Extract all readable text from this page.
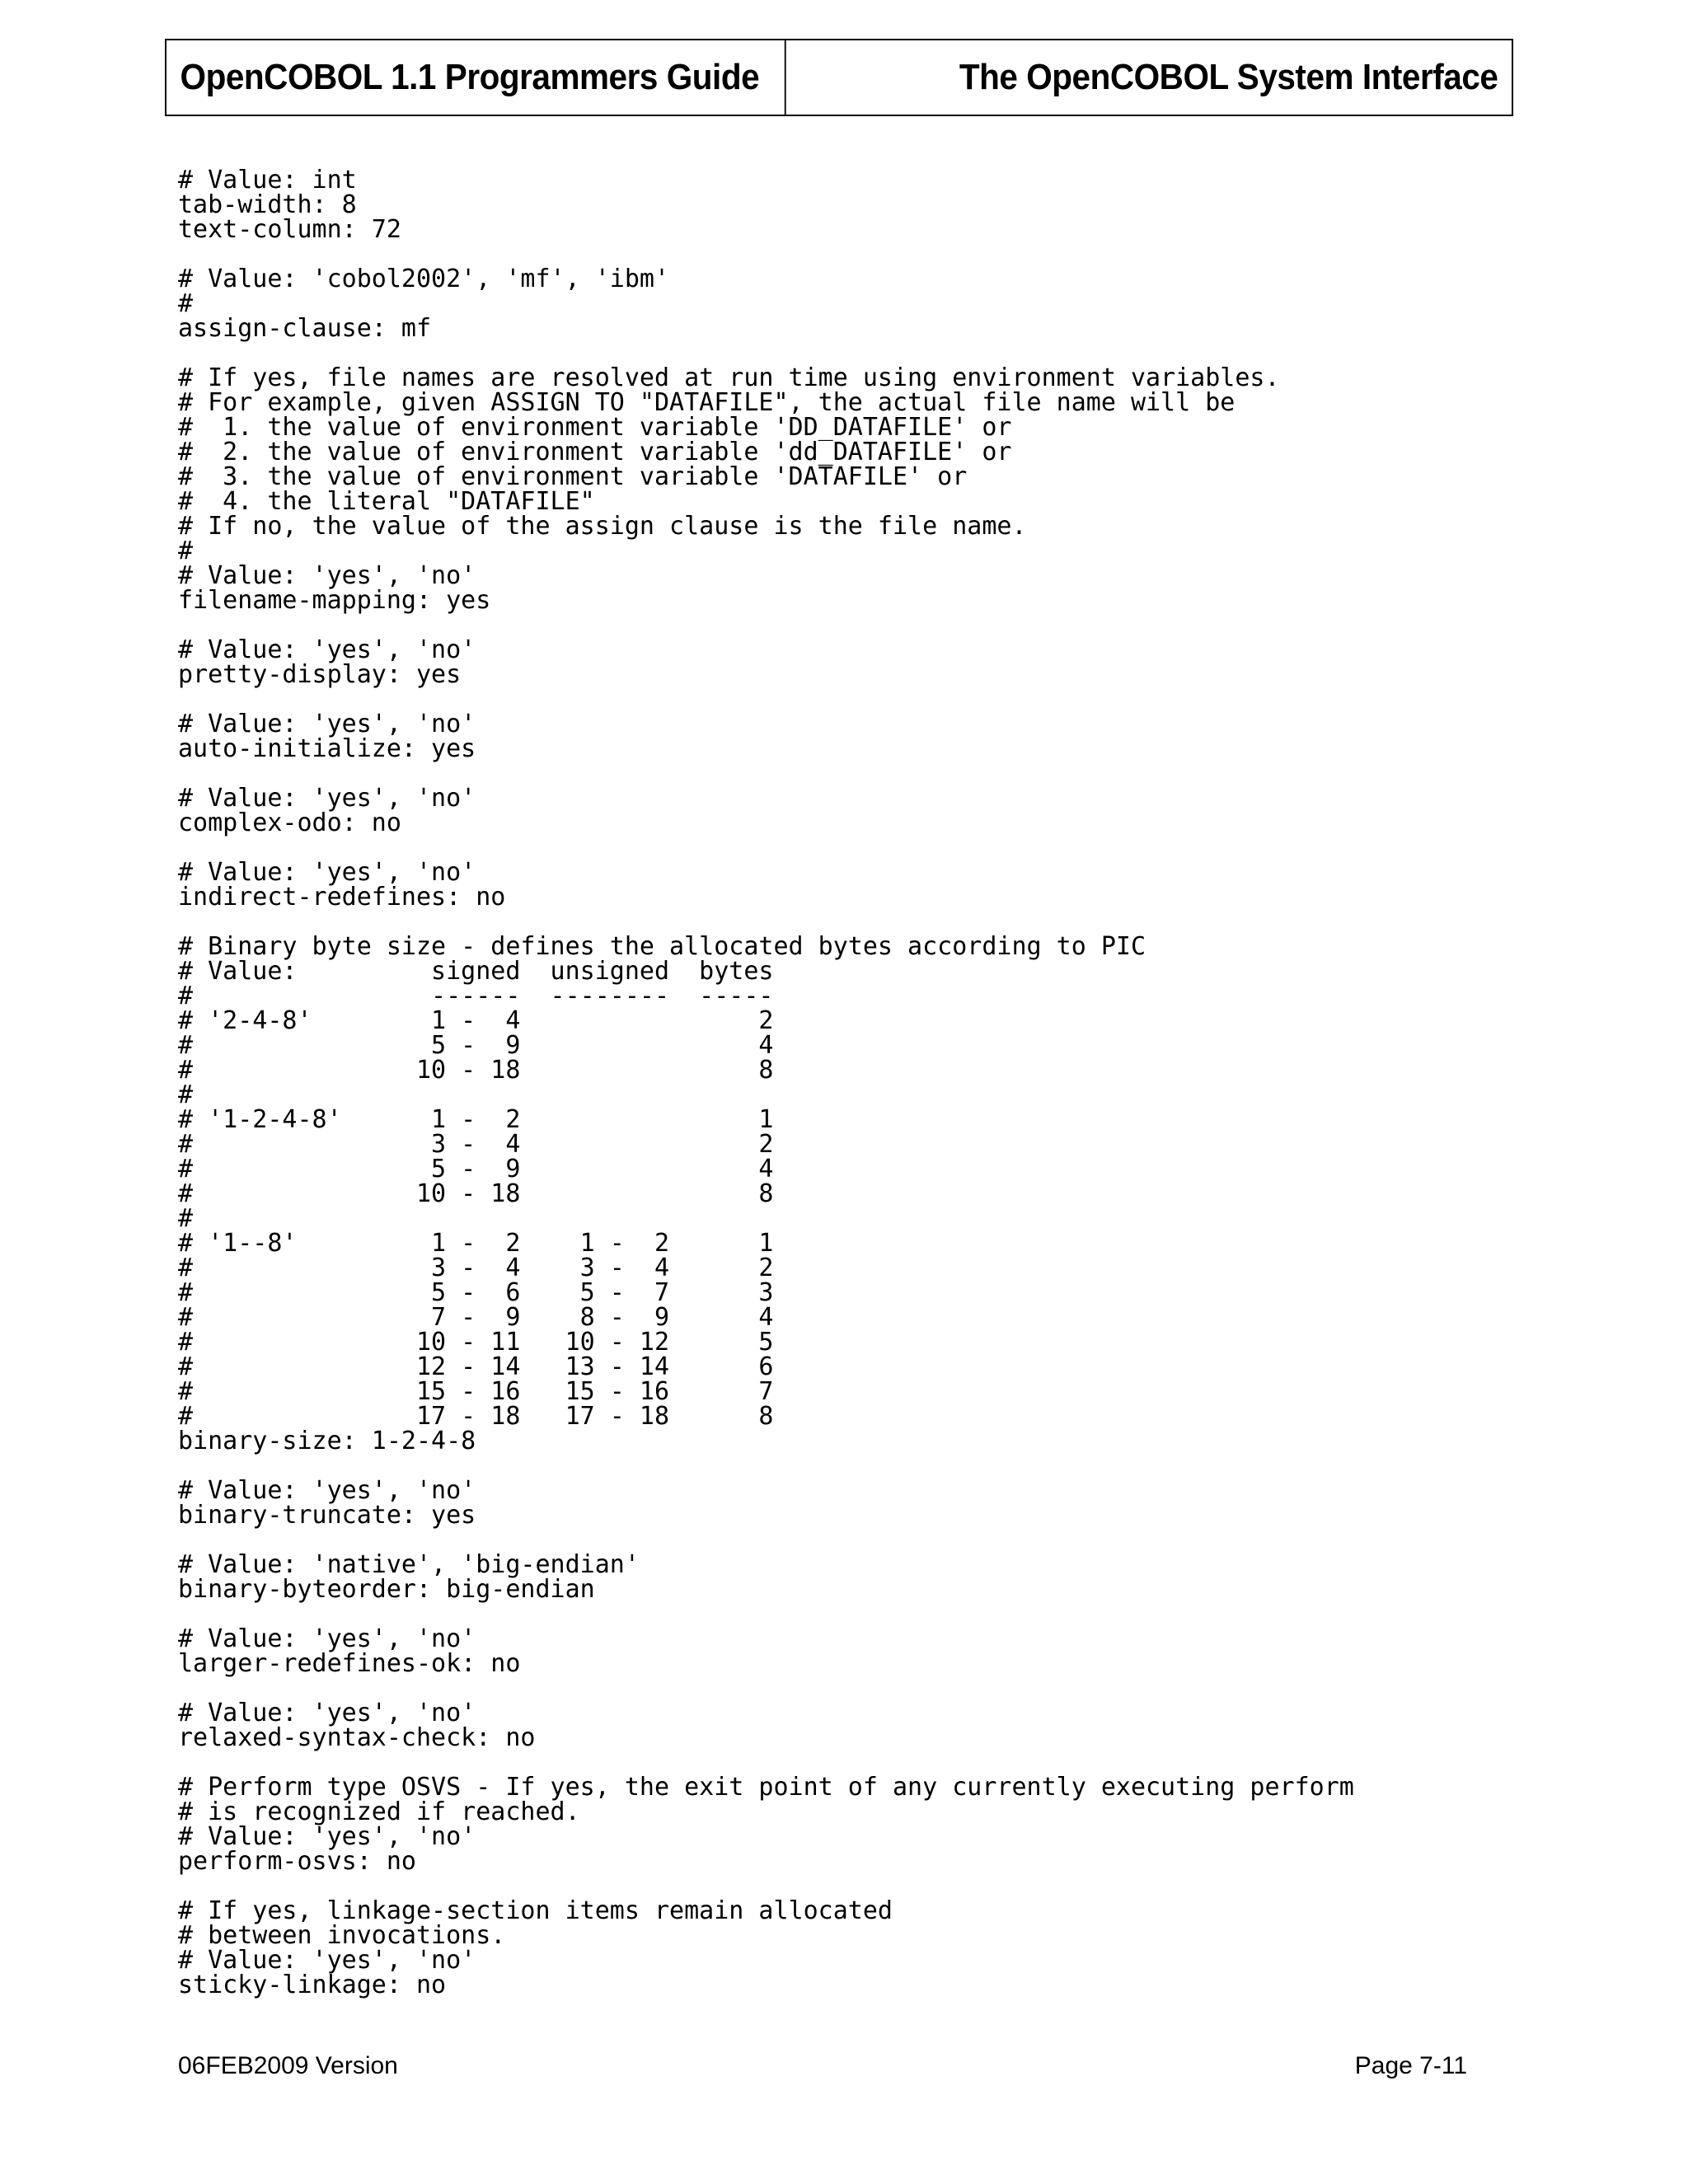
OpenCOBOL 1.1 Programmers Guide	The OpenCOBOL System Interface
# Value: int
tab-width: 8
text-column: 72
# Value: 'cobol2002', 'mf', 'ibm'
#
assign-clause: mf
# If yes, file names are resolved at run time using environment variables.
# For example, given ASSIGN TO "DATAFILE", the actual file name will be
#  1. the value of environment variable 'DD_DATAFILE' or
#  2. the value of environment variable 'dd_DATAFILE' or
#  3. the value of environment variable 'DATAFILE' or
#  4. the literal "DATAFILE"
# If no, the value of the assign clause is the file name.
#
# Value: 'yes', 'no'
filename-mapping: yes
# Value: 'yes', 'no'
pretty-display: yes
# Value: 'yes', 'no'
auto-initialize: yes
# Value: 'yes', 'no'
complex-odo: no
# Value: 'yes', 'no'
indirect-redefines: no
# Binary byte size - defines the allocated bytes according to PIC
# Value:         signed  unsigned  bytes
#                ------  --------  -----
# '2-4-8'        1 -  4                2
#                5 -  9                4
#               10 - 18                8
#
# '1-2-4-8'      1 -  2                1
#                3 -  4                2
#                5 -  9                4
#               10 - 18                8
#
# '1--8'         1 -  2    1 -  2      1
#                3 -  4    3 -  4      2
#                5 -  6    5 -  7      3
#                7 -  9    8 -  9      4
#               10 - 11   10 - 12      5
#               12 - 14   13 - 14      6
#               15 - 16   15 - 16      7
#               17 - 18   17 - 18      8
binary-size: 1-2-4-8
# Value: 'yes', 'no'
binary-truncate: yes
# Value: 'native', 'big-endian'
binary-byteorder: big-endian
# Value: 'yes', 'no'
larger-redefines-ok: no
# Value: 'yes', 'no'
relaxed-syntax-check: no
# Perform type OSVS - If yes, the exit point of any currently executing perform
# is recognized if reached.
# Value: 'yes', 'no'
perform-osvs: no
# If yes, linkage-section items remain allocated
# between invocations.
# Value: 'yes', 'no'
sticky-linkage: no
06FEB2009 Version	Page 7-11
